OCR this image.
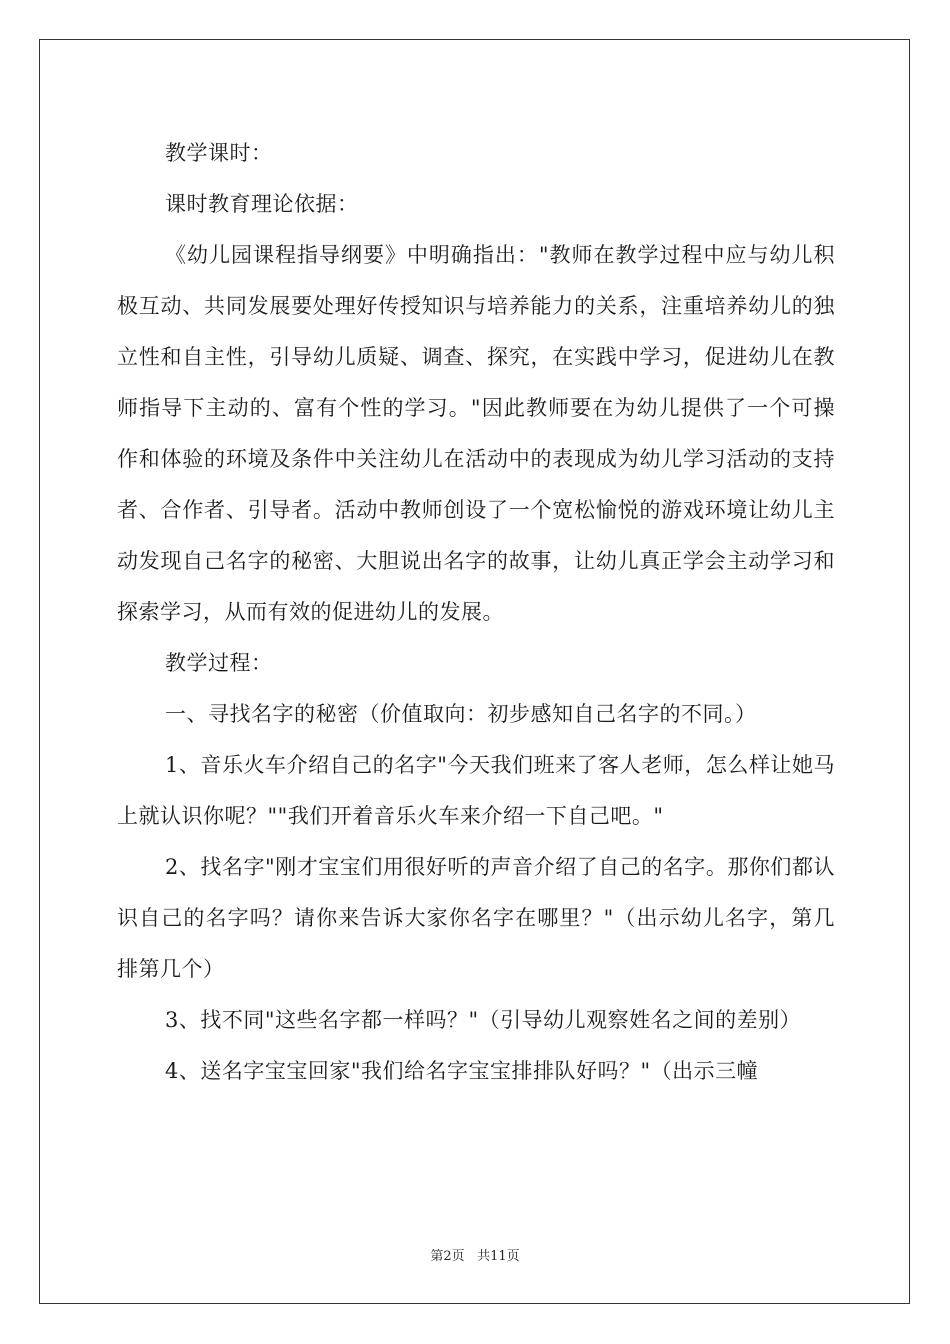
教学课时：

课时教育理论依据：

《幼儿园课程指导纲要》中明确指出："教师在教学过程中应与幼儿积极互动、共同发展要处理好传授知识与培养能力的关系，注重培养幼儿的独立性和自主性，引导幼儿质疑、调查、探究，在实践中学习，促进幼儿在教师指导下主动的、富有个性的学习。"因此教师要在为幼儿提供了一个可操作和体验的环境及条件中关注幼儿在活动中的表现成为幼儿学习活动的支持者、合作者、引导者。活动中教师创设了一个宽松愉悦的游戏环境让幼儿主动发现自己名字的秘密、大胆说出名字的故事，让幼儿真正学会主动学习和探索学习，从而有效的促进幼儿的发展。

教学过程：

一、寻找名字的秘密（价值取向：初步感知自己名字的不同。）

1、音乐火车介绍自己的名字"今天我们班来了客人老师，怎么样让她马上就认识你呢？""我们开着音乐火车来介绍一下自己吧。"

2、找名字"刚才宝宝们用很好听的声音介绍了自己的名字。那你们都认识自己的名字吗？请你来告诉大家你名字在哪里？"（出示幼儿名字，第几排第几个）

3、找不同"这些名字都一样吗？"（引导幼儿观察姓名之间的差别）

4、送名字宝宝回家"我们给名字宝宝排排队好吗？"（出示三幢

第2页 共11页
